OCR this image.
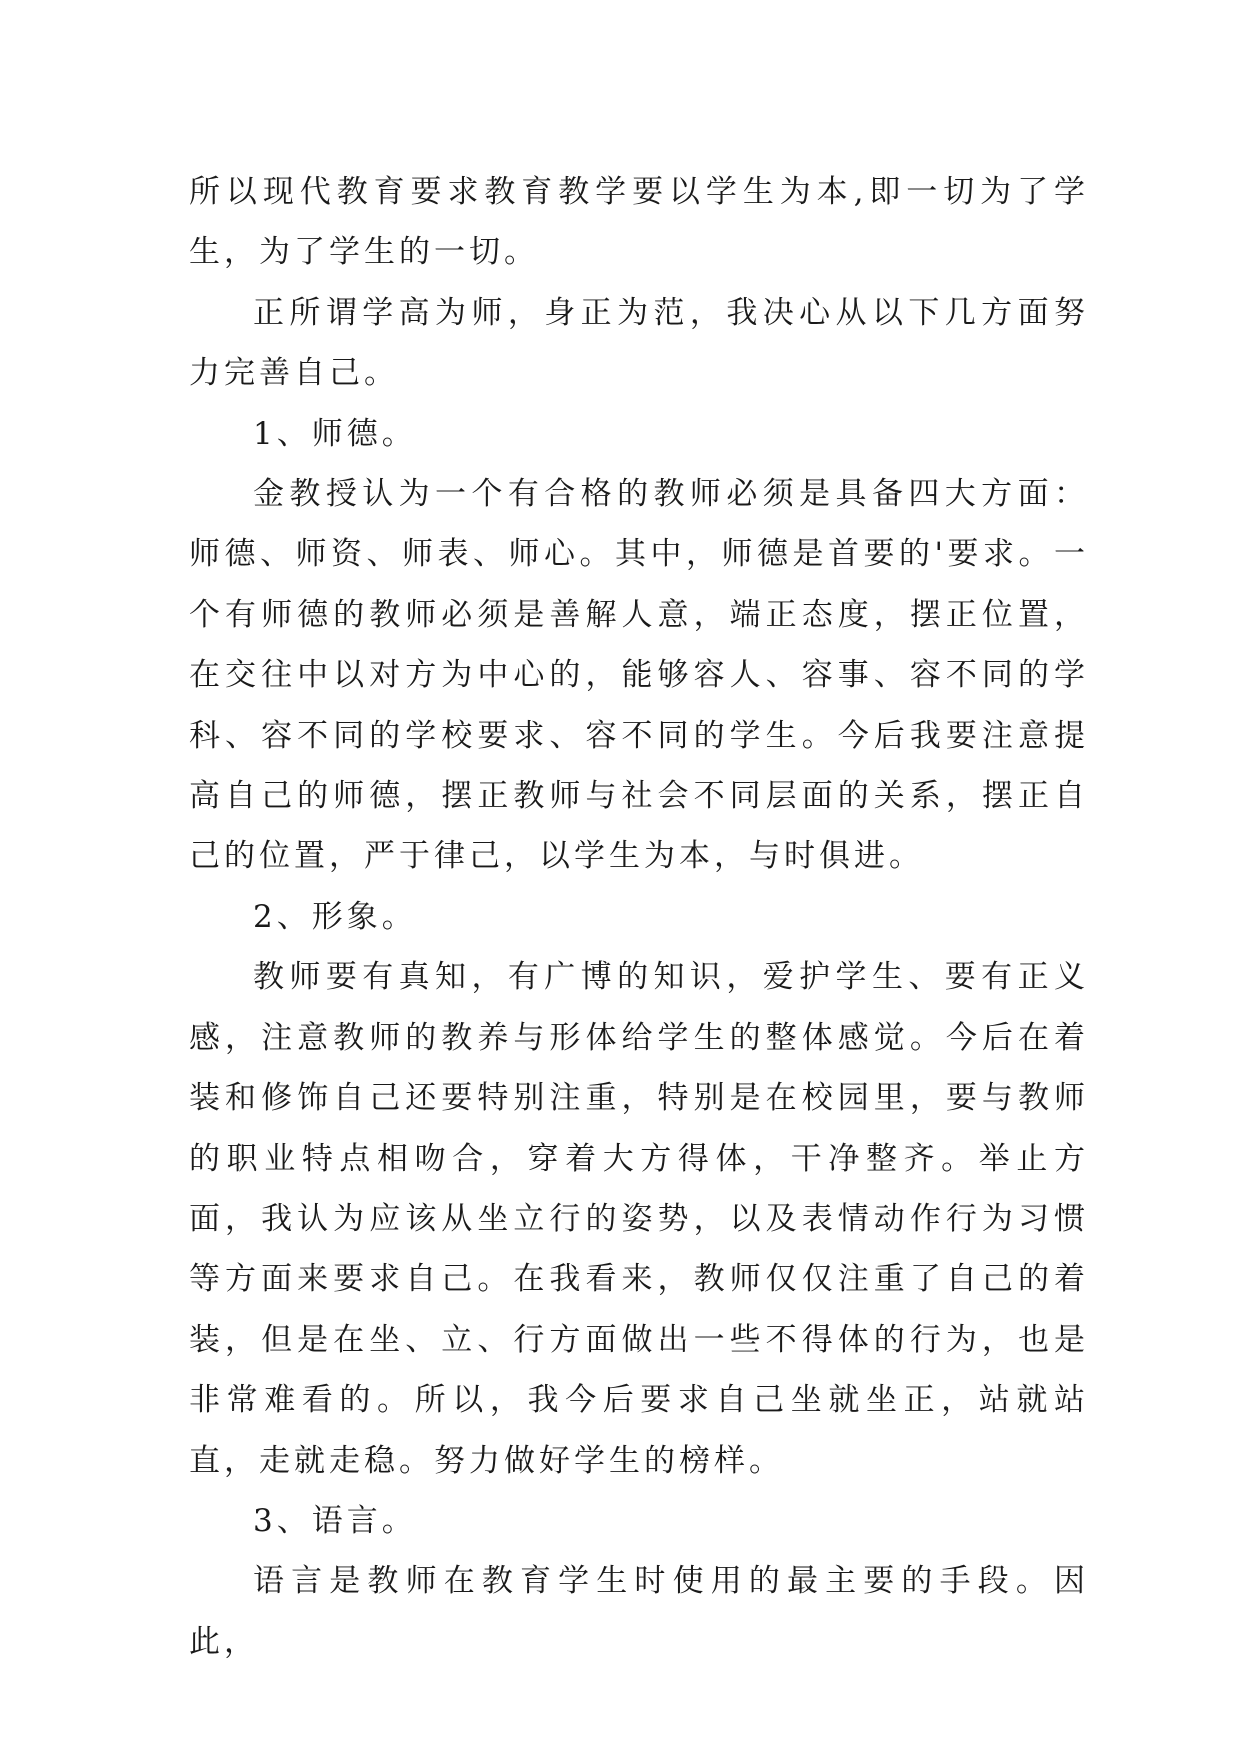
所以现代教育要求教育教学要以学生为本,即一切为了学生，为了学生的一切。

正所谓学高为师，身正为范，我决心从以下几方面努力完善自己。

1、师德。

金教授认为一个有合格的教师必须是具备四大方面：师德、师资、师表、师心。其中，师德是首要的'要求。一个有师德的教师必须是善解人意，端正态度，摆正位置，在交往中以对方为中心的，能够容人、容事、容不同的学科、容不同的学校要求、容不同的学生。今后我要注意提高自己的师德，摆正教师与社会不同层面的关系，摆正自己的位置，严于律己，以学生为本，与时俱进。

2、形象。

教师要有真知，有广博的知识，爱护学生、要有正义感，注意教师的教养与形体给学生的整体感觉。今后在着装和修饰自己还要特别注重，特别是在校园里，要与教师的职业特点相吻合，穿着大方得体，干净整齐。举止方面，我认为应该从坐立行的姿势，以及表情动作行为习惯等方面来要求自己。在我看来，教师仅仅注重了自己的着装，但是在坐、立、行方面做出一些不得体的行为，也是非常难看的。所以，我今后要求自己坐就坐正，站就站直，走就走稳。努力做好学生的榜样。

3、语言。

语言是教师在教育学生时使用的最主要的手段。因此，
